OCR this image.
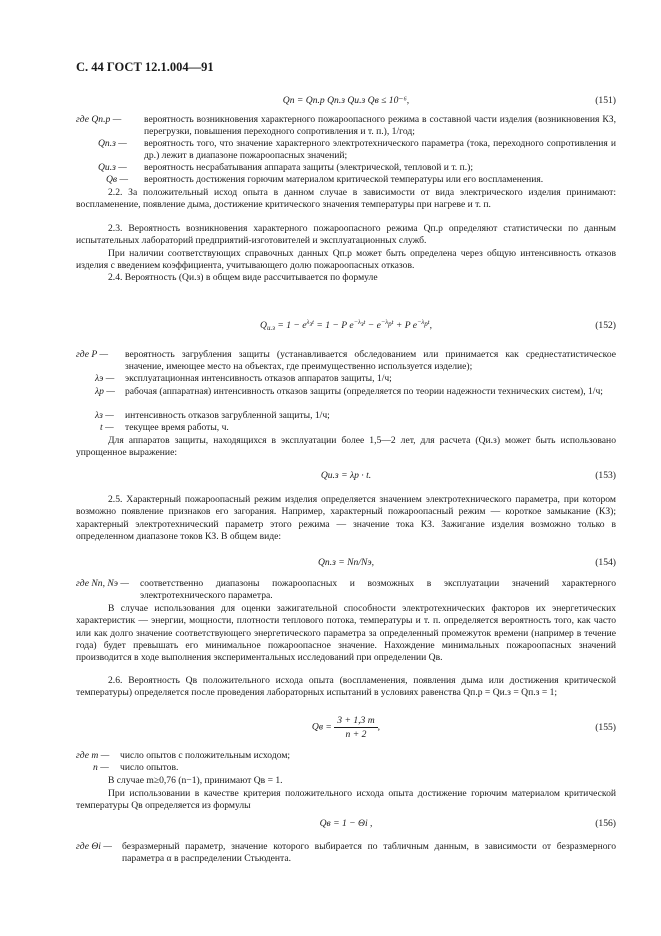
С. 44 ГОСТ 12.1.004—91
Qп = Qп.р Qп.з Qи.з Qв ≤ 10⁻⁶,	(151)
где Qп.р — вероятность возникновения характерного пожароопасного режима в составной части изделия (возникновения КЗ, перегрузки, повышения переходного сопротивления и т. п.), 1/год;
Qп.з — вероятность того, что значение характерного электротехнического параметра (тока, переходного сопротивления и др.) лежит в диапазоне пожароопасных значений;
Qи.з — вероятность несрабатывания аппарата защиты (электрической, тепловой и т. п.);
Qв — вероятность достижения горючим материалом критической температуры или его воспламенения.
2.2. За положительный исход опыта в данном случае в зависимости от вида электрического изделия принимают: воспламенение, появление дыма, достижение критического значения температуры при нагреве и т. п.
2.3. Вероятность возникновения характерного пожароопасного режима Qп.р определяют статистически по данным испытательных лабораторий предприятий-изготовителей и эксплуатационных служб.
При наличии соответствующих справочных данных Qп.р может быть определена через общую интенсивность отказов изделия с введением коэффициента, учитывающего долю пожароопасных отказов.
2.4. Вероятность (Qи.з) в общем виде рассчитывается по формуле
$Q_{и.з} = 1 - e^{\lambda_зt} = 1 - P$ $e^{-\lambda_зt} - e^{-\lambda_рt} + P$ $e^{-\lambda_рt}$,	(152)
где P — вероятность загрубления защиты (устанавливается обследованием или принимается как среднестатистическое значение, имеющее место на объектах, где преимущественно используется изделие);
λэ — эксплуатационная интенсивность отказов аппаратов защиты, 1/ч;
λр — рабочая (аппаратная) интенсивность отказов защиты (определяется по теории надежности технических систем), 1/ч;
λз — интенсивность отказов загрубленной защиты, 1/ч;
t — текущее время работы, ч.
Для аппаратов защиты, находящихся в эксплуатации более 1,5—2 лет, для расчета (Qи.з) может быть использовано упрощенное выражение:
Qи.з = λр · t.	(153)
2.5. Характерный пожароопасный режим изделия определяется значением электротехнического параметра, при котором возможно появление признаков его загорания. Например, характерный пожароопасный режим — короткое замыкание (КЗ); характерный электротехнический параметр этого режима — значение тока КЗ. Зажигание изделия возможно только в определенном диапазоне токов КЗ. В общем виде:
Qп.з = Nп/Nэ,	(154)
где Nп, Nэ — соответственно диапазоны пожароопасных и возможных в эксплуатации значений характерного электротехнического параметра.
В случае использования для оценки зажигательной способности электротехнических факторов их энергетических характеристик — энергии, мощности, плотности теплового потока, температуры и т. п. определяется вероятность того, как часто или как долго значение соответствующего энергетического параметра за определенный промежуток времени (например в течение года) будет превышать его минимальное пожароопасное значение. Нахождение минимальных пожароопасных значений производится в ходе выполнения экспериментальных исследований при определении Qв.
2.6. Вероятность Qв положительного исхода опыта (воспламенения, появления дыма или достижения критической температуры) определяется после проведения лабораторных испытаний в условиях равенства Qп.р = Qи.з = Qп.з = 1;
Qв = $\frac{3 + 1,3 m}{n + 2}$ ,	(155)
где m — число опытов с положительным исходом;
n — число опытов.
В случае m≥0,76 (n−1), принимают Qв = 1.
При использовании в качестве критерия положительного исхода опыта достижение горючим материалом критической температуры Qв определяется из формулы
Qв = 1 − Θi ,	(156)
где Θi — безразмерный параметр, значение которого выбирается по табличным данным, в зависимости от безразмерного параметра α в распределении Стьюдента.
